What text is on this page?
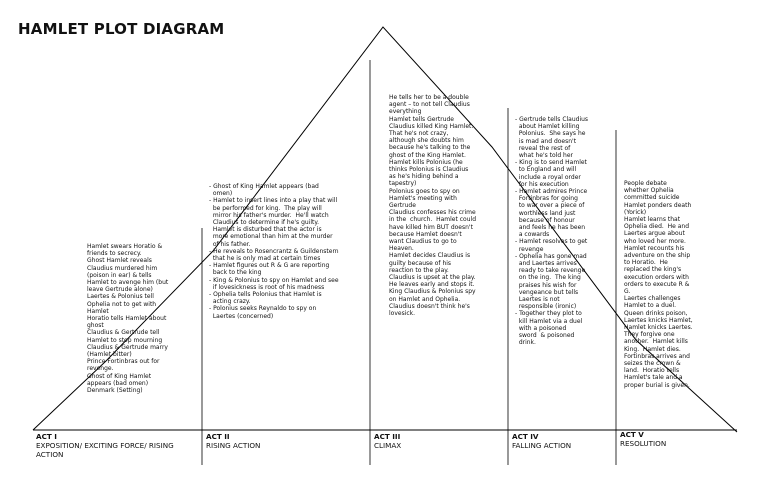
HAMLET PLOT DIAGRAM
Hamlet swears Horatio &
friends to secrecy.
Ghost Hamlet reveals
Claudius murdered him
(poison in ear) & tells
Hamlet to avenge him (but
leave Gertrude alone)
Laertes & Polonius tell
Ophelia not to get with
Hamlet
Horatio tells Hamlet about
ghost
Claudius & Gertrude tell
Hamlet to stop mourning
Claudius & Gertrude marry
(Hamlet bitter)
Prince Fortinbras out for
revenge.
Ghost of King Hamlet
appears (bad omen)
Denmark (Setting)
- Ghost of King Hamlet appears (bad
omen)
- Hamlet to insert lines into a play that will
be performed for king.  The play will
mirror his father's murder.  He'll watch
Claudius to determine if he's guilty.
Hamlet is disturbed that the actor is
more emotional than him at the murder
of his father.
- He reveals to Rosencrantz & Guildenstern
that he is only mad at certain times
- Hamlet figures out R & G are reporting
back to the king
- King & Polonius to spy on Hamlet and see
if lovesickness is root of his madness
- Ophelia tells Polonius that Hamlet is
acting crazy.
- Polonius seeks Reynaldo to spy on
Laertes (concerned)
He tells her to be a double
agent – to not tell Claudius
everything
Hamlet tells Gertrude
Claudius killed King Hamlet.
That he's not crazy,
although she doubts him
because he's talking to the
ghost of the King Hamlet.
Hamlet kills Polonius (he
thinks Polonius is Claudius
as he's hiding behind a
tapestry)
Polonius goes to spy on
Hamlet's meeting with
Gertrude
Claudius confesses his crime
in the  church.  Hamlet could
have killed him BUT doesn't
because Hamlet doesn't
want Claudius to go to
Heaven.
Hamlet decides Claudius is
guilty because of his
reaction to the play.
Claudius is upset at the play.
He leaves early and stops it.
King Claudius & Polonius spy
on Hamlet and Ophelia.
Claudius doesn't think he's
lovesick.
- Gertrude tells Claudius
about Hamlet killing
Polonius.  She says he
is mad and doesn't
reveal the rest of
what he's told her
- King is to send Hamlet
to England and will
include a royal order
for his execution
- Hamlet admires Prince
Fortinbras for going
to war over a piece of
worthless land just
because of honour
and feels he has been
a cowards
- Hamlet resolves to get
revenge
- Ophelia has gone mad
and Laertes arrives
ready to take revenge
on the ing.  The king
praises his wish for
vengeance but tells
Laertes is not
responsible (ironic)
- Together they plot to
kill Hamlet via a duel
with a poisoned
sword  & poisoned
drink.
People debate
whether Ophelia
committed suicide
Hamlet ponders death
(Yorick)
Hamlet learns that
Ophelia died.  He and
Laertes argue about
who loved her more.
Hamlet recounts his
adventure on the ship
to Horatio.  He
replaced the king's
execution orders with
orders to execute R &
G.
Laertes challenges
Hamlet to a duel.
Queen drinks poison,
Laertes knicks Hamlet,
Hamlet knicks Laertes.
They forgive one
another.  Hamlet kills
King.  Hamlet dies.
Fortinbras arrives and
seizes the crown &
land.  Horatio tells
Hamlet's tale and a
proper burial is given.
ACT I
EXPOSITION/ EXCITING FORCE/ RISING
ACTION
ACT II
RISING ACTION
ACT III
CLIMAX
ACT IV
FALLING ACTION
ACT V
RESOLUTION
